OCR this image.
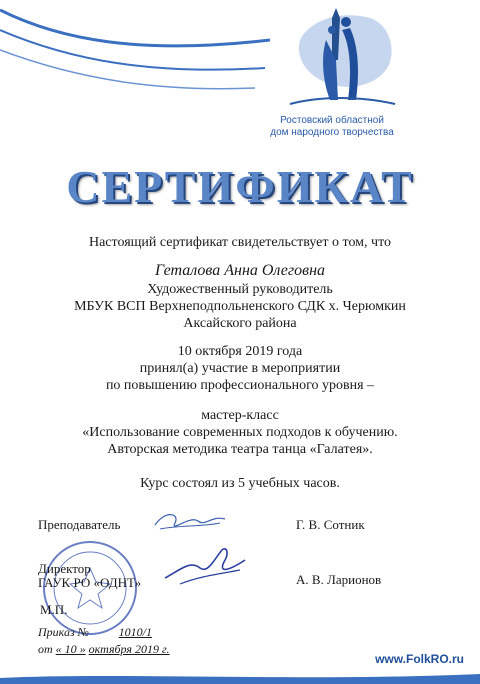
Ростовский областной
дом народного творчества
СЕРТИФИКАТ
Настоящий сертификат свидетельствует о том, что
Геталова Анна Олеговна
Художественный руководитель
МБУК ВСП Верхнеподпольненского СДК х. Черюмкин
Аксайского района
10 октября 2019 года
принял(а) участие в мероприятии
по повышению профессионального уровня –
мастер-класс
«Использование современных подходов к обучению.
Авторская методика театра танца «Галатея».
Курс состоял из 5 учебных часов.
Преподаватель	Г. В. Сотник
Директор
ГАУК РО «ОДНТ»	А. В. Ларионов
М.П.
Приказ № 1010/1
от « 10 » октября 2019 г.
www.FolkRO.ru
